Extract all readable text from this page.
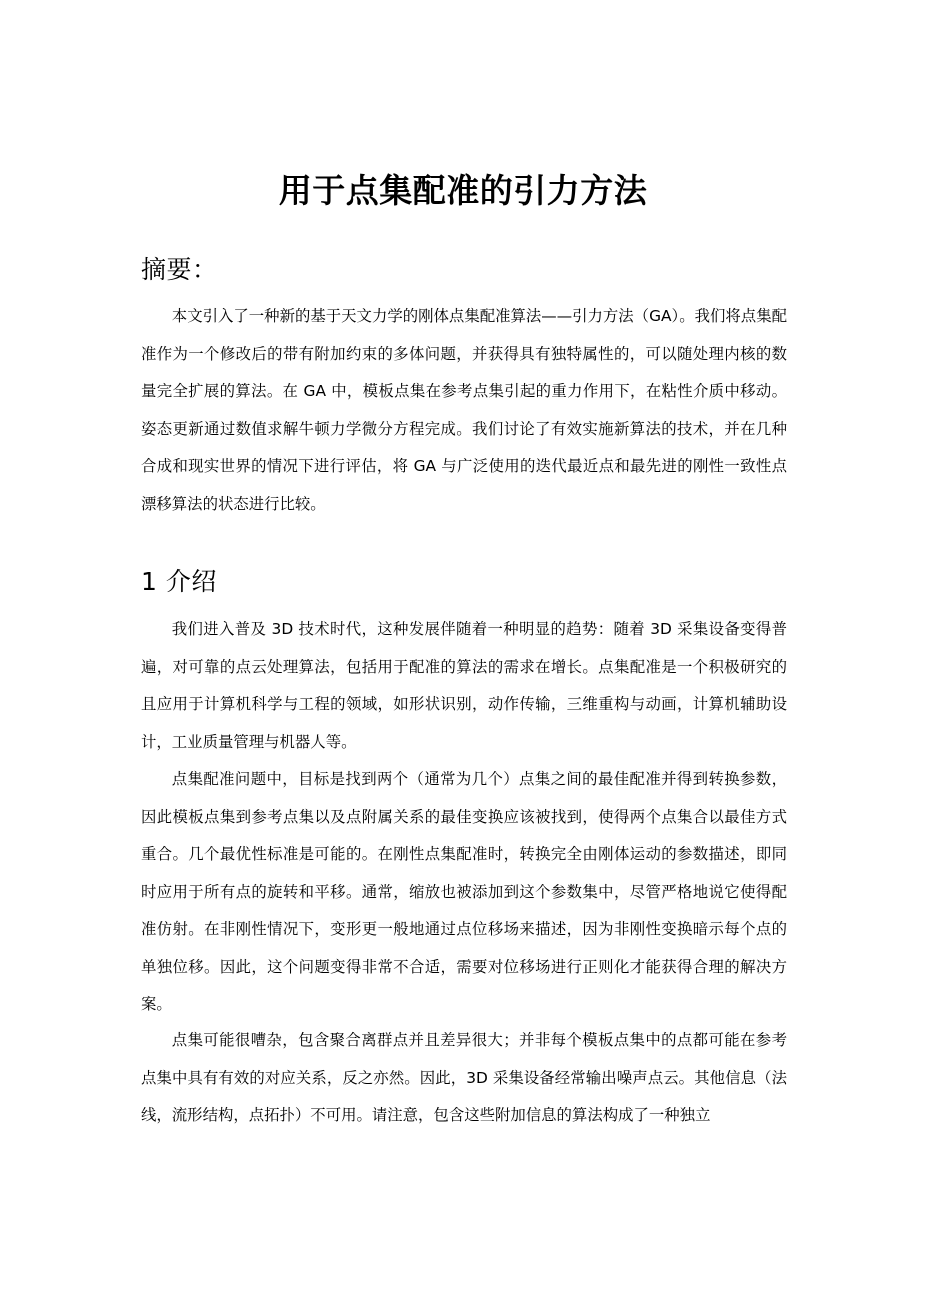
用于点集配准的引力方法
摘要：

本文引入了一种新的基于天文力学的刚体点集配准算法——引力方法（GA）。我们将点集配准作为一个修改后的带有附加约束的多体问题，并获得具有独特属性的，可以随处理内核的数量完全扩展的算法。在 GA 中，模板点集在参考点集引起的重力作用下，在粘性介质中移动。姿态更新通过数值求解牛顿力学微分方程完成。我们讨论了有效实施新算法的技术，并在几种合成和现实世界的情况下进行评估，将 GA 与广泛使用的迭代最近点和最先进的刚性一致性点漂移算法的状态进行比较。

1 介绍

我们进入普及 3D 技术时代，这种发展伴随着一种明显的趋势：随着 3D 采集设备变得普遍，对可靠的点云处理算法，包括用于配准的算法的需求在增长。点集配准是一个积极研究的且应用于计算机科学与工程的领域，如形状识别，动作传输，三维重构与动画，计算机辅助设计，工业质量管理与机器人等。

点集配准问题中，目标是找到两个（通常为几个）点集之间的最佳配准并得到转换参数，因此模板点集到参考点集以及点附属关系的最佳变换应该被找到，使得两个点集合以最佳方式重合。几个最优性标准是可能的。在刚性点集配准时，转换完全由刚体运动的参数描述，即同时应用于所有点的旋转和平移。通常，缩放也被添加到这个参数集中，尽管严格地说它使得配准仿射。在非刚性情况下，变形更一般地通过点位移场来描述，因为非刚性变换暗示每个点的单独位移。因此，这个问题变得非常不合适，需要对位移场进行正则化才能获得合理的解决方案。

点集可能很嘈杂，包含聚合离群点并且差异很大；并非每个模板点集中的点都可能在参考点集中具有有效的对应关系，反之亦然。因此，3D 采集设备经常输出噪声点云。其他信息（法线，流形结构，点拓扑）不可用。请注意，包含这些附加信息的算法构成了一种独立
